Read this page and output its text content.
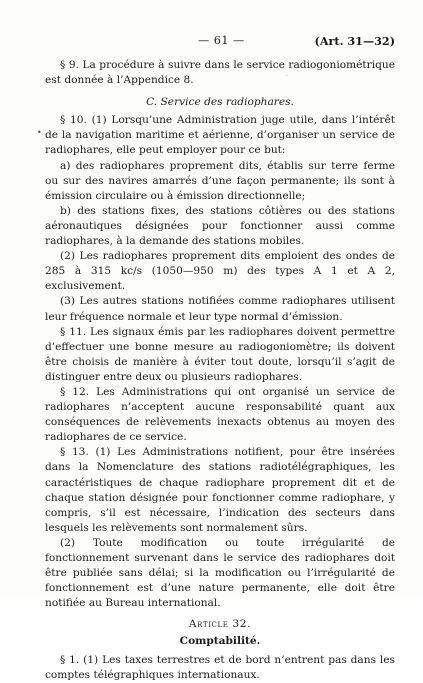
— 61 —	(Art. 31—32)
•
·

§ 9. La procédure à suivre dans le service radiogoniométrique est donnée à l’Appendice 8.

C. Service des radiophares.

§ 10. (1) Lorsqu’une Administration juge utile, dans l’intérêt de la navigation maritime et aérienne, d’organiser un service de radiophares, elle peut employer pour ce but:

a) des radiophares proprement dits, établis sur terre ferme ou sur des navires amarrés d’une façon permanente; ils sont à émission circulaire ou à émission directionnelle;

b) des stations fixes, des stations côtières ou des stations aéronautiques désignées pour fonctionner aussi comme radiophares, à la demande des stations mobiles.

(2) Les radiophares proprement dits emploient des ondes de 285 à 315 kc/s (1050—950 m) des types A 1 et A 2, exclusivement.

(3) Les autres stations notifiées comme radiophares utilisent leur fréquence normale et leur type normal d’émission.

§ 11. Les signaux émis par les radiophares doivent permettre d’effectuer une bonne mesure au radiogoniomètre; ils doivent être choisis de manière à éviter tout doute, lorsqu’il s’agit de distinguer entre deux ou plusieurs radiophares.

§ 12. Les Administrations qui ont organisé un service de radiophares n’acceptent aucune responsabilité quant aux conséquences de relèvements inexacts obtenus au moyen des radiophares de ce service.

§ 13. (1) Les Administrations notifient, pour être insérées dans la Nomenclature des stations radiotélégraphiques, les caractéristiques de chaque radiophare proprement dit et de chaque station désignée pour fonctionner comme radiophare, y compris, s’il est nécessaire, l’indication des secteurs dans lesquels les relèvements sont normalement sûrs.

(2) Toute modification ou toute irrégularité de fonctionnement survenant dans le service des radiophares doit être publiée sans délai; si la modification ou l’irrégularité de fonctionnement est d’une nature permanente, elle doit être notifiée au Bureau international.

Article 32.

Comptabilité.

§ 1. (1) Les taxes terrestres et de bord n’entrent pas dans les comptes télégraphiques internationaux.
